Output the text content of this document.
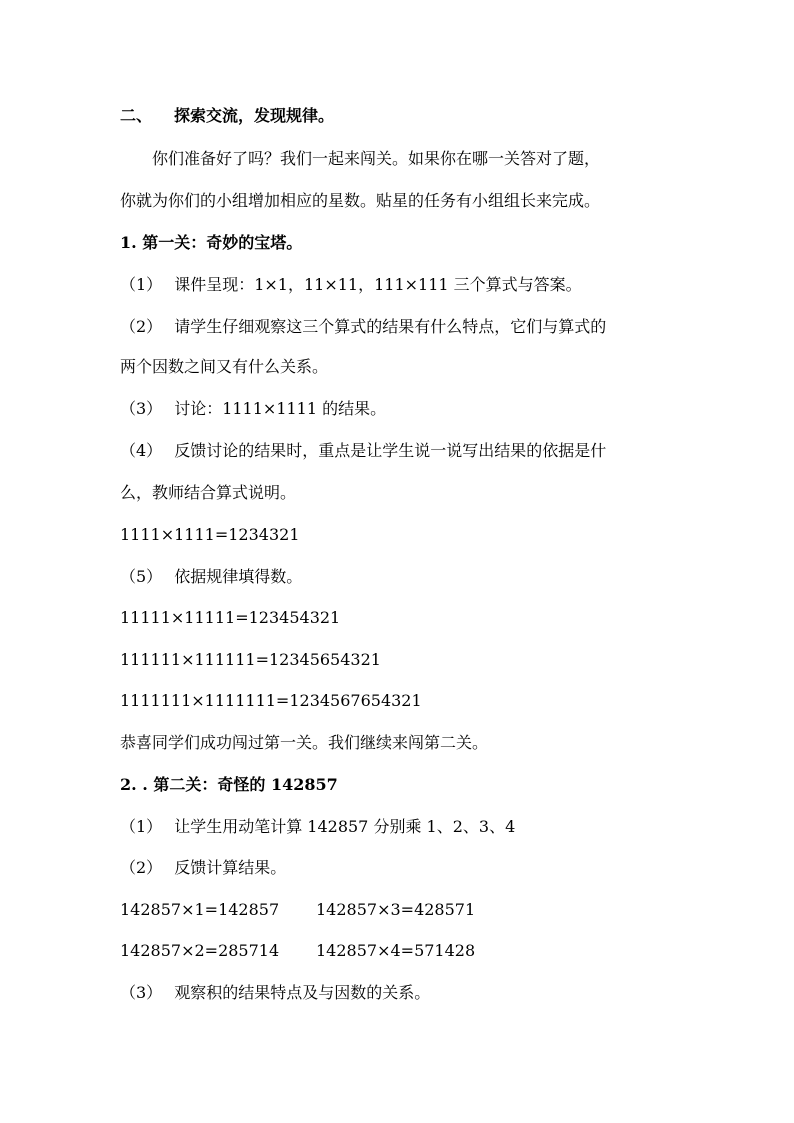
二、 探索交流，发现规律。
你们准备好了吗？我们一起来闯关。如果你在哪一关答对了题，
你就为你们的小组增加相应的星数。贴星的任务有小组组长来完成。
1. 第一关：奇妙的宝塔。
（1） 课件呈现：1×1，11×11，111×111 三个算式与答案。
（2） 请学生仔细观察这三个算式的结果有什么特点，它们与算式的
两个因数之间又有什么关系。
（3） 讨论：1111×1111 的结果。
（4） 反馈讨论的结果时，重点是让学生说一说写出结果的依据是什
么，教师结合算式说明。
1111×1111=1234321
（5） 依据规律填得数。
11111×11111=123454321
111111×111111=12345654321
1111111×1111111=1234567654321
恭喜同学们成功闯过第一关。我们继续来闯第二关。
2. . 第二关：奇怪的 142857
（1） 让学生用动笔计算 142857 分别乘 1、2、3、4
（2） 反馈计算结果。
142857×1=142857 142857×3=428571
142857×2=285714 142857×4=571428
（3） 观察积的结果特点及与因数的关系。
